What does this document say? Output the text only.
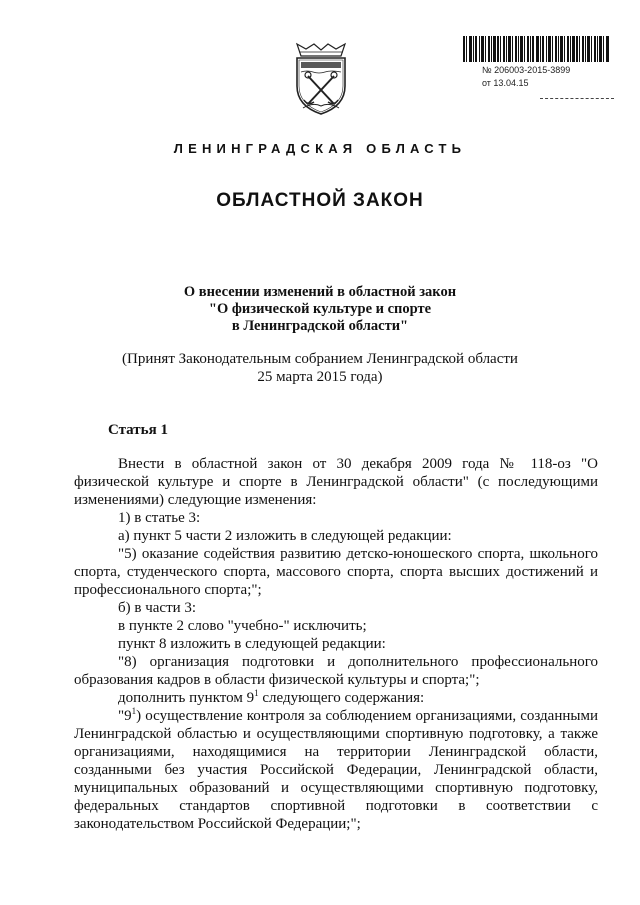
№ 206003-2015-3899
от 13.04.15
ЛЕНИНГРАДСКАЯ ОБЛАСТЬ
ОБЛАСТНОЙ ЗАКОН
О внесении изменений в областной закон
"О физической культуре и спорте
в Ленинградской области"
(Принят Законодательным собранием Ленинградской области
25 марта 2015 года)
Статья 1

Внести в областной закон от 30 декабря 2009 года № 118-оз "О физической культуре и спорте в Ленинградской области" (с последующими изменениями) следующие изменения:

1) в статье 3:

а) пункт 5 части 2 изложить в следующей редакции:

"5) оказание содействия развитию детско-юношеского спорта, школьного спорта, студенческого спорта, массового спорта, спорта высших достижений и профессионального спорта;";

б) в части 3:

в пункте 2 слово "учебно-" исключить;

пункт 8 изложить в следующей редакции:

"8) организация подготовки и дополнительного профессионального образования кадров в области физической культуры и спорта;";

дополнить пунктом $9^1$ следующего содержания:

"$9^1$) осуществление контроля за соблюдением организациями, созданными Ленинградской областью и осуществляющими спортивную подготовку, а также организациями, находящимися на территории Ленинградской области, созданными без участия Российской Федерации, Ленинградской области, муниципальных образований и осуществляющими спортивную подготовку, федеральных стандартов спортивной подготовки в соответствии с законодательством Российской Федерации;";
